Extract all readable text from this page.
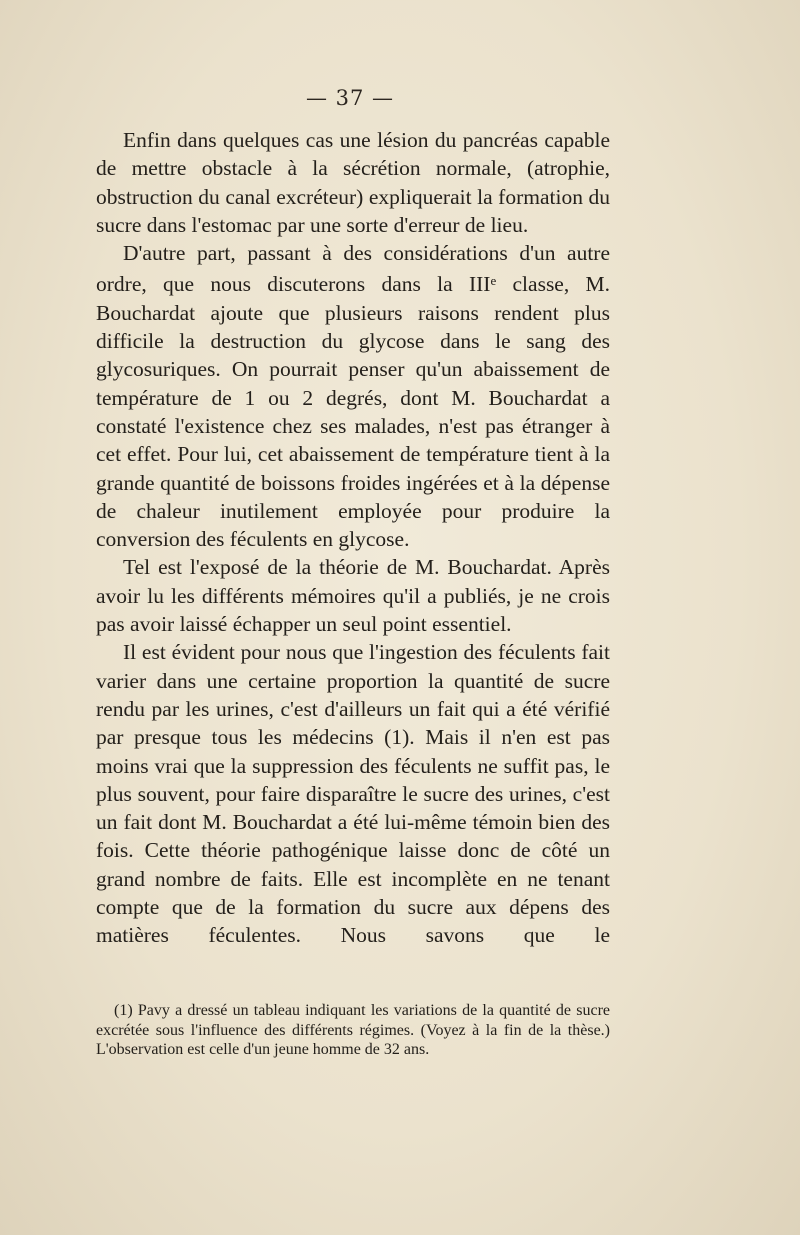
— 37 —

Enfin dans quelques cas une lésion du pancréas capable de mettre obstacle à la sécrétion normale, (atrophie, obstruction du canal excréteur) expliquerait la formation du sucre dans l'estomac par une sorte d'erreur de lieu.

D'autre part, passant à des considérations d'un autre ordre, que nous discuterons dans la IIIe classe, M. Bouchardat ajoute que plusieurs raisons rendent plus difficile la destruction du glycose dans le sang des glycosuriques. On pourrait penser qu'un abaissement de température de 1 ou 2 degrés, dont M. Bouchardat a constaté l'existence chez ses malades, n'est pas étranger à cet effet. Pour lui, cet abaissement de température tient à la grande quantité de boissons froides ingérées et à la dépense de chaleur inutilement employée pour produire la conversion des féculents en glycose.

Tel est l'exposé de la théorie de M. Bouchardat. Après avoir lu les différents mémoires qu'il a publiés, je ne crois pas avoir laissé échapper un seul point essentiel.

Il est évident pour nous que l'ingestion des féculents fait varier dans une certaine proportion la quantité de sucre rendu par les urines, c'est d'ailleurs un fait qui a été vérifié par presque tous les médecins (1). Mais il n'en est pas moins vrai que la suppression des féculents ne suffit pas, le plus souvent, pour faire disparaître le sucre des urines, c'est un fait dont M. Bouchardat a été lui-même témoin bien des fois. Cette théorie pathogénique laisse donc de côté un grand nombre de faits. Elle est incomplète en ne tenant compte que de la formation du sucre aux dépens des matières féculentes. Nous savons que le

(1) Pavy a dressé un tableau indiquant les variations de la quantité de sucre excrétée sous l'influence des différents régimes. (Voyez à la fin de la thèse.) L'observation est celle d'un jeune homme de 32 ans.
